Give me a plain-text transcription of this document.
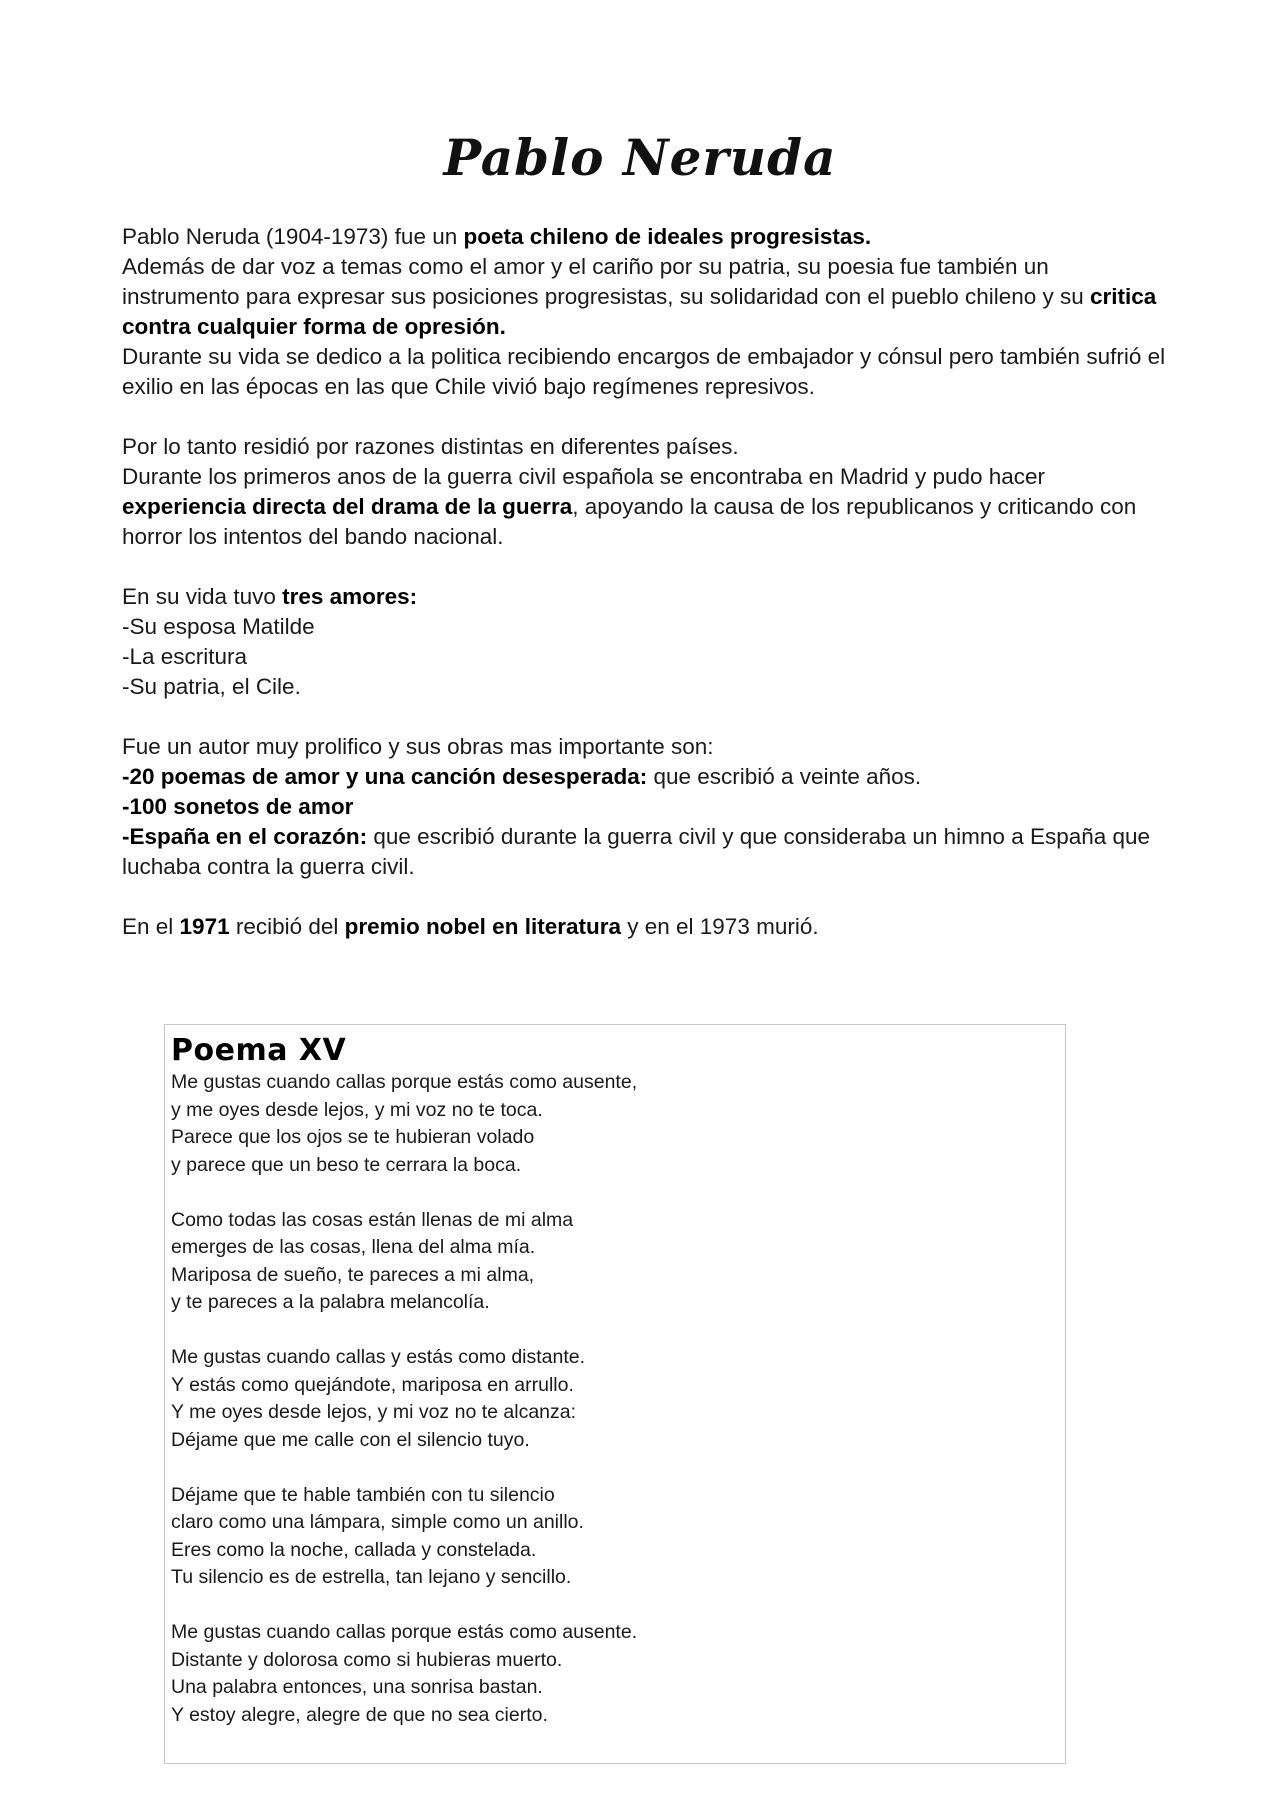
Pablo Neruda

Pablo Neruda (1904-1973) fue un poeta chileno de ideales progresistas.

Además de dar voz a temas como el amor y el cariño por su patria, su poesia fue también un instrumento para expresar sus posiciones progresistas, su solidaridad con el pueblo chileno y su critica contra cualquier forma de opresión.

Durante su vida se dedico a la politica recibiendo encargos de embajador y cónsul pero también sufrió el exilio en las épocas en las que Chile vivió bajo regímenes represivos.

Por lo tanto residió por razones distintas en diferentes países.

Durante los primeros anos de la guerra civil española se encontraba en Madrid y pudo hacer experiencia directa del drama de la guerra, apoyando la causa de los republicanos y criticando con horror los intentos del bando nacional.

En su vida tuvo tres amores:

-Su esposa Matilde

-La escritura

-Su patria, el Cile.

Fue un autor muy prolifico y sus obras mas importante son:

-20 poemas de amor y una canción desesperada: que escribió a veinte años.

-100 sonetos de amor

-España en el corazón: que escribió durante la guerra civil y que consideraba un himno a España que luchaba contra la guerra civil.

En el 1971 recibió del premio nobel en literatura y en el 1973 murió.

Poema XV
Me gustas cuando callas porque estás como ausente,
y me oyes desde lejos, y mi voz no te toca.
Parece que los ojos se te hubieran volado
y parece que un beso te cerrara la boca.
Como todas las cosas están llenas de mi alma
emerges de las cosas, llena del alma mía.
Mariposa de sueño, te pareces a mi alma,
y te pareces a la palabra melancolía.
Me gustas cuando callas y estás como distante.
Y estás como quejándote, mariposa en arrullo.
Y me oyes desde lejos, y mi voz no te alcanza:
Déjame que me calle con el silencio tuyo.
Déjame que te hable también con tu silencio
claro como una lámpara, simple como un anillo.
Eres como la noche, callada y constelada.
Tu silencio es de estrella, tan lejano y sencillo.
Me gustas cuando callas porque estás como ausente.
Distante y dolorosa como si hubieras muerto.
Una palabra entonces, una sonrisa bastan.
Y estoy alegre, alegre de que no sea cierto.
